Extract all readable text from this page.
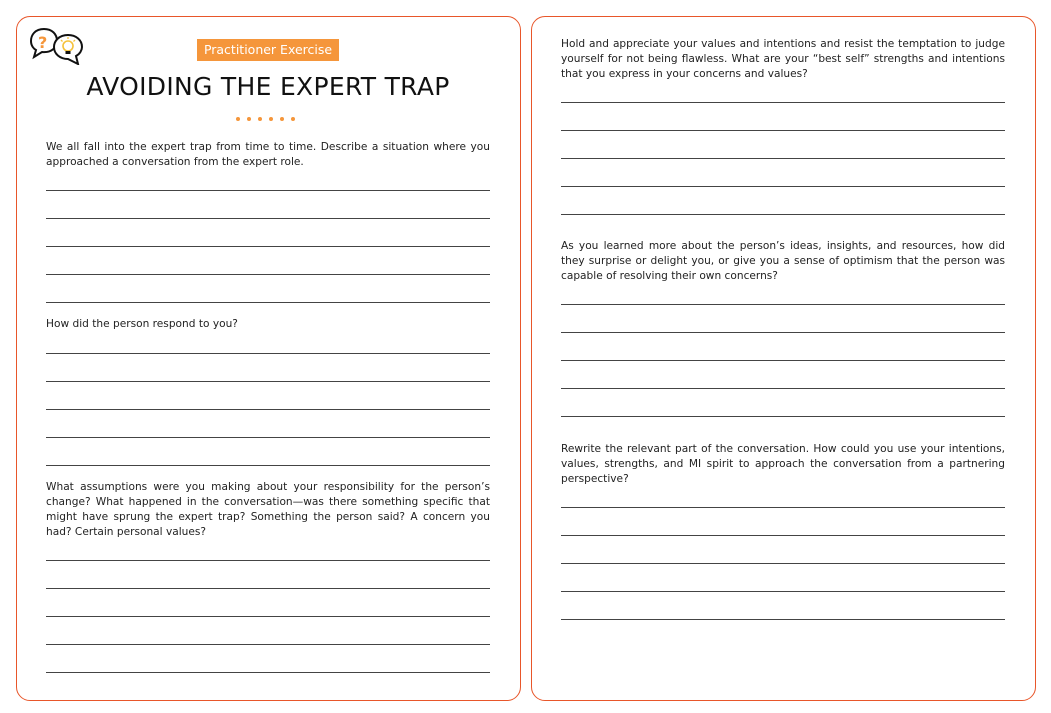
?	Practitioner Exercise
AVOIDING THE EXPERT TRAP
We all fall into the expert trap from time to time. Describe a situation where you approached a conversation from the expert role.
How did the person respond to you?
What assumptions were you making about your responsibility for the person’s change? What happened in the conversation—was there something specific that might have sprung the expert trap? Something the person said? A concern you had? Certain personal values?
Hold and appreciate your values and intentions and resist the temptation to judge yourself for not being flawless. What are your “best self” strengths and intentions that you express in your concerns and values?
As you learned more about the person’s ideas, insights, and resources, how did they surprise or delight you, or give you a sense of optimism that the person was capable of resolving their own concerns?
Rewrite the relevant part of the conversation. How could you use your intentions, values, strengths, and MI spirit to approach the conversation from a partnering perspective?
